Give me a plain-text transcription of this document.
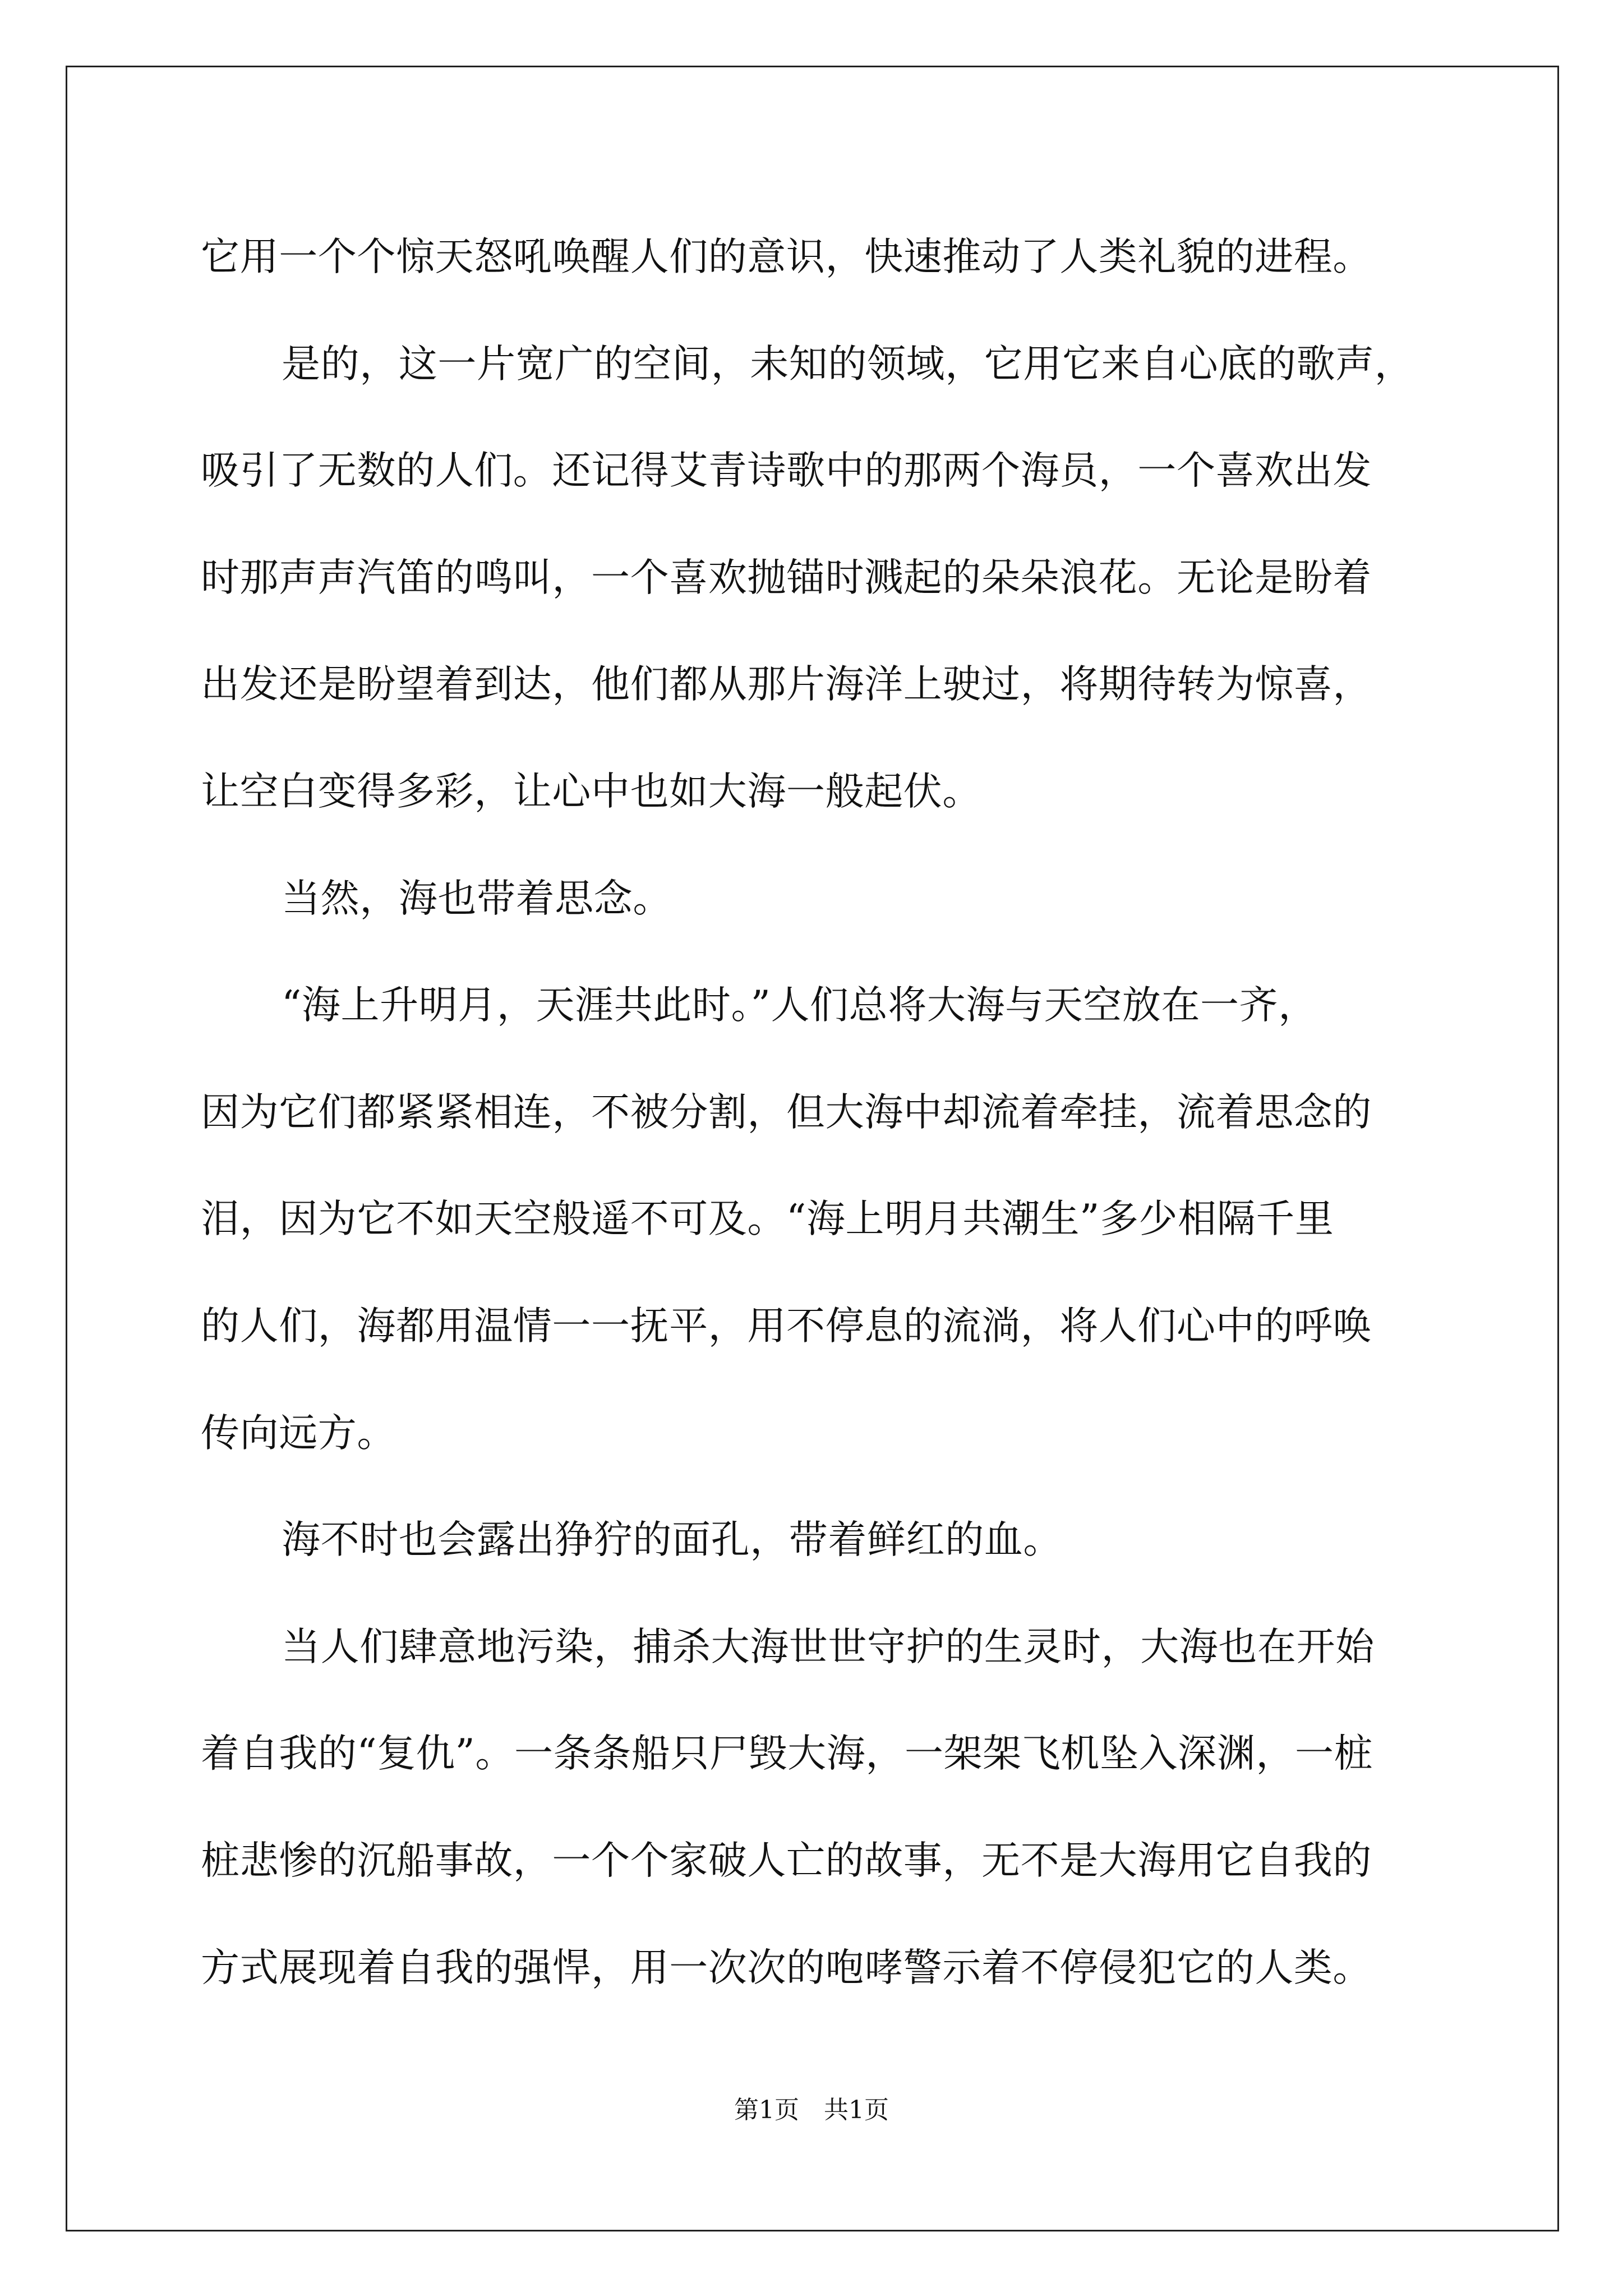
它用一个个惊天怒吼唤醒人们的意识，快速推动了人类礼貌的进程。
是的，这一片宽广的空间，未知的领域，它用它来自心底的歌声，
吸引了无数的人们。还记得艾青诗歌中的那两个海员，一个喜欢出发
时那声声汽笛的鸣叫，一个喜欢抛锚时溅起的朵朵浪花。无论是盼着
出发还是盼望着到达，他们都从那片海洋上驶过，将期待转为惊喜，
让空白变得多彩，让心中也如大海一般起伏。
当然，海也带着思念。
“海上升明月，天涯共此时。”人们总将大海与天空放在一齐，
因为它们都紧紧相连，不被分割，但大海中却流着牵挂，流着思念的
泪，因为它不如天空般遥不可及。“海上明月共潮生”多少相隔千里
的人们，海都用温情一一抚平，用不停息的流淌，将人们心中的呼唤
传向远方。
海不时也会露出狰狞的面孔，带着鲜红的血。
当人们肆意地污染，捕杀大海世世守护的生灵时，大海也在开始
着自我的“复仇”。一条条船只尸毁大海，一架架飞机坠入深渊，一桩
桩悲惨的沉船事故，一个个家破人亡的故事，无不是大海用它自我的
方式展现着自我的强悍，用一次次的咆哮警示着不停侵犯它的人类。
第1页　共1页
